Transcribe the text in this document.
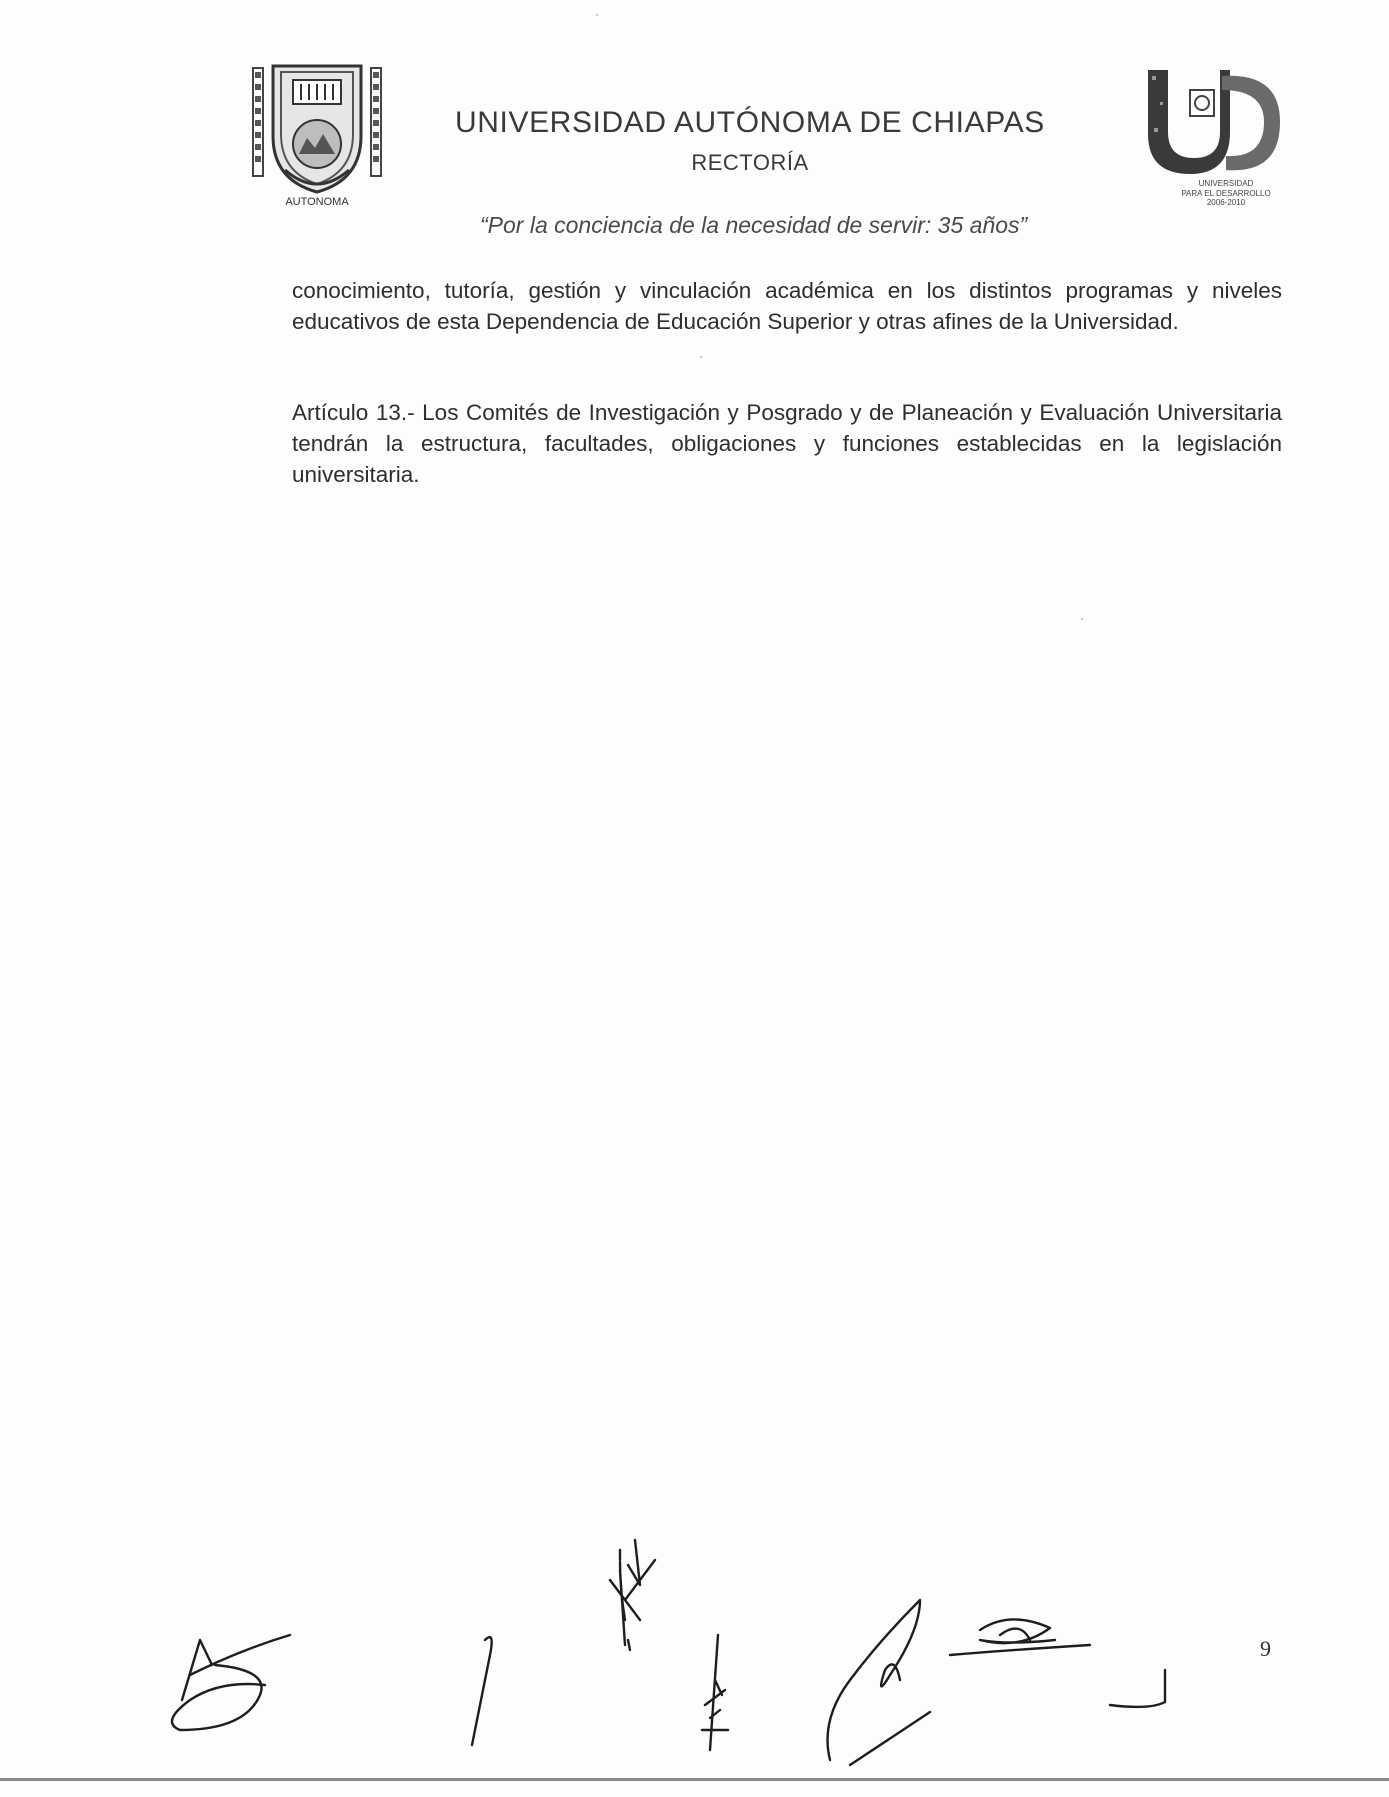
AUTONOMA
UNIVERSIDAD AUTÓNOMA DE CHIAPAS
RECTORÍA
UNIVERSIDAD
PARA EL DESARROLLO
2006-2010
“Por la conciencia de la necesidad de servir: 35 años”

conocimiento, tutoría, gestión y vinculación académica en los distintos programas y niveles educativos de esta Dependencia de Educación Superior y otras afines de la Universidad.

Artículo 13.- Los Comités de Investigación y Posgrado y de Planeación y Evaluación Universitaria tendrán la estructura, facultades, obligaciones y funciones establecidas en la legislación universitaria.

9
